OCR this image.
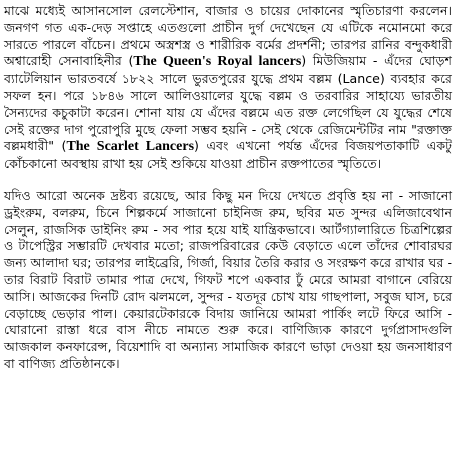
মাঝে মধ্যেই আসানসোল রেলস্টেশান, বাজার ও চায়ের দোকানের স্মৃতিচারণা করলেন। জনগণ গত এক-দেড় সপ্তাহে এতগুলো প্রাচীন দুর্গ দেখেছেন যে এটিকে নমোনমো করে সারতে পারলে বাঁচেন। প্রথমে অস্ত্রশস্ত্র ও শারীরিক বর্মের প্রদর্শনী; তারপর রানির বন্দুকধারী অশ্বারোহী সেনাবাহিনীর (The Queen's Royal lancers) মিউজিয়াম - এঁদের ঘোড়শ ব্যাটেলিয়ান ভারতবর্ষে ১৮২২ সালে ভুরতপুরের যুদ্ধে প্রথম বল্লম (Lance) ব্যবহার করে সফল হন। পরে ১৮৪৬ সালে আলিওয়ালের যুদ্ধে বল্লম ও তরবারির সাহায্যে ভারতীয় সৈন্যদের কচুকাটা করেন। শোনা যায় যে এঁদের বল্লমে এত রক্ত লেগেছিল যে যুদ্ধের শেষে সেই রক্তের দাগ পুরোপুরি মুছে ফেলা সম্ভব হয়নি - সেই থেকে রেজিমেন্টটির নাম "রক্তাক্ত বল্লমধারী" (The Scarlet Lancers) এবং এখনো পর্যন্ত এঁদের বিজয়পতাকাটি একটু কোঁচকানো অবস্থায় রাখা হয় সেই শুকিয়ে যাওয়া প্রাচীন রক্তপাতের স্মৃতিতে।

যদিও আরো অনেক দ্রষ্টব্য রয়েছে, আর কিছু মন দিয়ে দেখতে প্রবৃত্তি হয় না - সাজানো ড্রইংরুম, বলরুম, চিনে শিল্পকর্মে সাজানো চাইনিজ রুম, ছবির মত সুন্দর এলিজাবেথান সেলুন, রাজসিক ডাইনিং রুম - সব পার হয়ে যাই যান্ত্রিকভাবে। আর্টগ্যালারিতে চিত্রশিল্পের ও টাপেস্ট্রির সম্ভারটি দেখবার মতো; রাজপরিবারের কেউ বেড়াতে এলে তাঁদের শোবারঘর জন্য আলাদা ঘর; তারপর লাইব্রেরি, গির্জা, বিয়ার তৈরি করার ও সংরক্ষণ করে রাখার ঘর - তার বিরাট বিরাট তামার পাত্র দেখে, গিফট শপে একবার ঢুঁ মেরে আমরা বাগানে বেরিয়ে আসি। আজকের দিনটি রোদ ঝলমলে, সুন্দর - যতদূর চোখ যায় গাছপালা, সবুজ ঘাস, চরে বেড়াচ্ছে ভেড়ার পাল। কেয়ারটেকারকে বিদায় জানিয়ে আমরা পার্কিং লটে ফিরে আসি - ঘোরানো রাস্তা ধরে বাস নীচে নামতে শুরু করে। বাণিজ্যিক কারণে দুর্গপ্রাসাদগুলি আজকাল কনফারেন্স, বিয়েশাদি বা অন্যান্য সামাজিক কারণে ভাড়া দেওয়া হয় জনসাধারণ বা বাণিজ্য প্রতিষ্ঠানকে।
